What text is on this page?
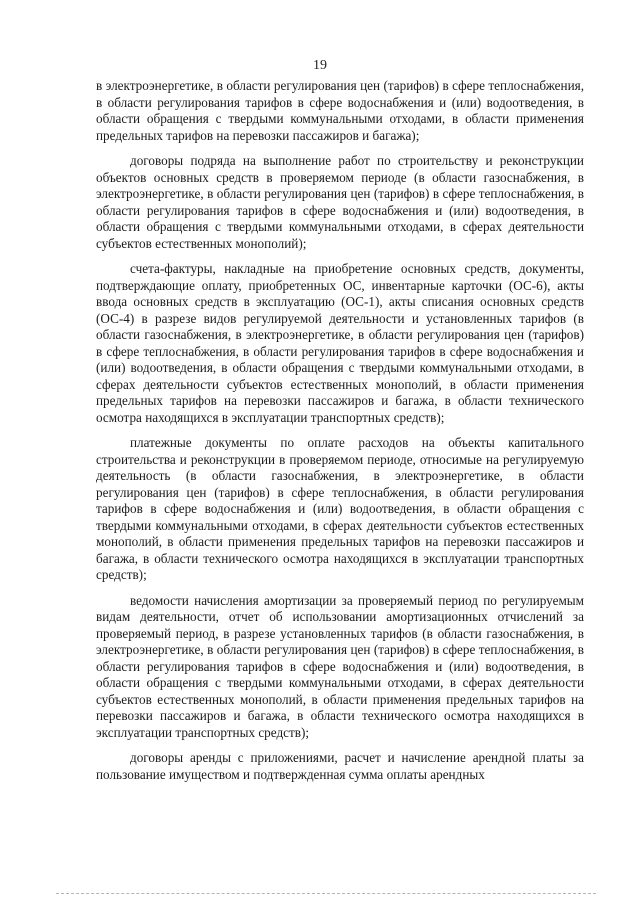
19

в электроэнергетике, в области регулирования цен (тарифов) в сфере теплоснабжения, в области регулирования тарифов в сфере водоснабжения и (или) водоотведения, в области обращения с твердыми коммунальными отходами, в области применения предельных тарифов на перевозки пассажиров и багажа);

договоры подряда на выполнение работ по строительству и реконструкции объектов основных средств в проверяемом периоде (в области газоснабжения, в электроэнергетике, в области регулирования цен (тарифов) в сфере теплоснабжения, в области регулирования тарифов в сфере водоснабжения и (или) водоотведения, в области обращения с твердыми коммунальными отходами, в сферах деятельности субъектов естественных монополий);

счета-фактуры, накладные на приобретение основных средств, документы, подтверждающие оплату, приобретенных ОС, инвентарные карточки (ОС-6), акты ввода основных средств в эксплуатацию (ОС-1), акты списания основных средств (ОС-4) в разрезе видов регулируемой деятельности и установленных тарифов (в области газоснабжения, в электроэнергетике, в области регулирования цен (тарифов) в сфере теплоснабжения, в области регулирования тарифов в сфере водоснабжения и (или) водоотведения, в области обращения с твердыми коммунальными отходами, в сферах деятельности субъектов естественных монополий, в области применения предельных тарифов на перевозки пассажиров и багажа, в области технического осмотра находящихся в эксплуатации транспортных средств);

платежные документы по оплате расходов на объекты капитального строительства и реконструкции в проверяемом периоде, относимые на регулируемую деятельность (в области газоснабжения, в электроэнергетике, в области регулирования цен (тарифов) в сфере теплоснабжения, в области регулирования тарифов в сфере водоснабжения и (или) водоотведения, в области обращения с твердыми коммунальными отходами, в сферах деятельности субъектов естественных монополий, в области применения предельных тарифов на перевозки пассажиров и багажа, в области технического осмотра находящихся в эксплуатации транспортных средств);

ведомости начисления амортизации за проверяемый период по регулируемым видам деятельности, отчет об использовании амортизационных отчислений за проверяемый период, в разрезе установленных тарифов (в области газоснабжения, в электроэнергетике, в области регулирования цен (тарифов) в сфере теплоснабжения, в области регулирования тарифов в сфере водоснабжения и (или) водоотведения, в области обращения с твердыми коммунальными отходами, в сферах деятельности субъектов естественных монополий, в области применения предельных тарифов на перевозки пассажиров и багажа, в области технического осмотра находящихся в эксплуатации транспортных средств);

договоры аренды с приложениями, расчет и начисление арендной платы за пользование имуществом и подтвержденная сумма оплаты арендных
